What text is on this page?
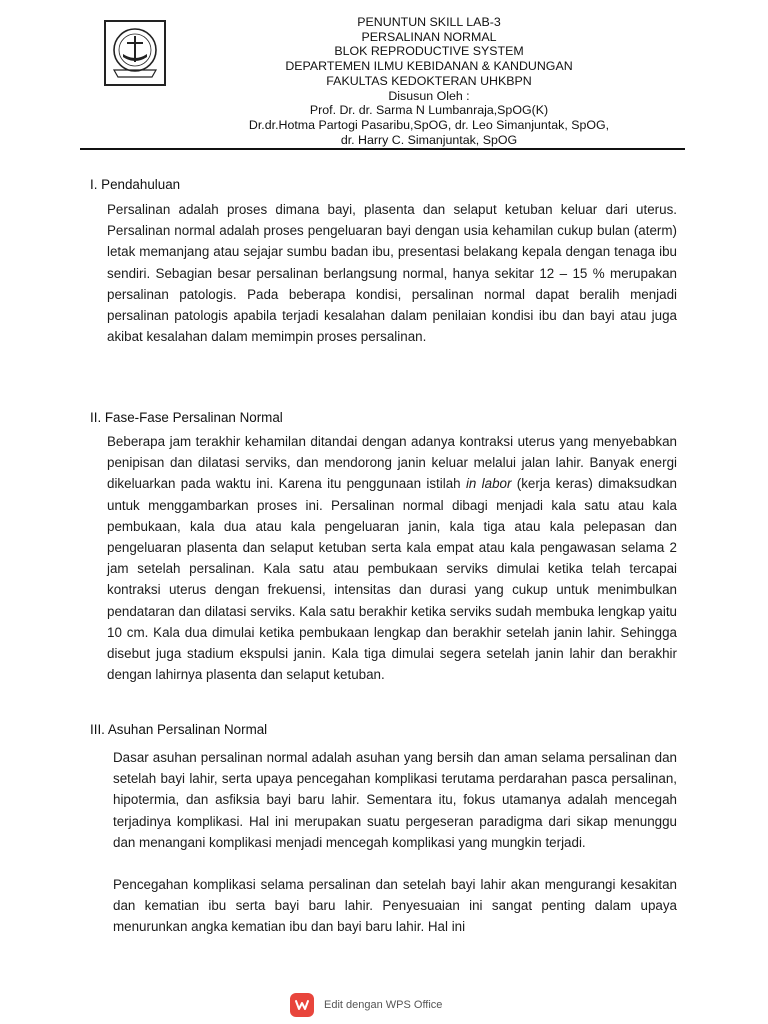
PENUNTUN SKILL LAB-3
PERSALINAN NORMAL
BLOK REPRODUCTIVE SYSTEM
DEPARTEMEN ILMU KEBIDANAN & KANDUNGAN
FAKULTAS KEDOKTERAN UHKBPN
Disusun Oleh :
Prof. Dr. dr. Sarma N Lumbanraja,SpOG(K)
Dr.dr.Hotma Partogi Pasaribu,SpOG, dr. Leo Simanjuntak, SpOG,
dr. Harry C. Simanjuntak, SpOG
I. Pendahuluan

Persalinan adalah proses dimana bayi, plasenta dan selaput ketuban keluar dari uterus. Persalinan normal adalah proses pengeluaran bayi dengan usia kehamilan cukup bulan (aterm) letak memanjang atau sejajar sumbu badan ibu, presentasi belakang kepala dengan tenaga ibu sendiri. Sebagian besar persalinan berlangsung normal, hanya sekitar 12 – 15 % merupakan persalinan patologis. Pada beberapa kondisi, persalinan normal dapat beralih menjadi persalinan patologis apabila terjadi kesalahan dalam penilaian kondisi ibu dan bayi atau juga akibat kesalahan dalam memimpin proses persalinan.

II. Fase-Fase Persalinan Normal

Beberapa jam terakhir kehamilan ditandai dengan adanya kontraksi uterus yang menyebabkan penipisan dan dilatasi serviks, dan mendorong janin keluar melalui jalan lahir. Banyak energi dikeluarkan pada waktu ini. Karena itu penggunaan istilah in labor (kerja keras) dimaksudkan untuk menggambarkan proses ini. Persalinan normal dibagi menjadi kala satu atau kala pembukaan, kala dua atau kala pengeluaran janin, kala tiga atau kala pelepasan dan pengeluaran plasenta dan selaput ketuban serta kala empat atau kala pengawasan selama 2 jam setelah persalinan. Kala satu atau pembukaan serviks dimulai ketika telah tercapai kontraksi uterus dengan frekuensi, intensitas dan durasi yang cukup untuk menimbulkan pendataran dan dilatasi serviks. Kala satu berakhir ketika serviks sudah membuka lengkap yaitu 10 cm. Kala dua dimulai ketika pembukaan lengkap dan berakhir setelah janin lahir. Sehingga disebut juga stadium ekspulsi janin. Kala tiga dimulai segera setelah janin lahir dan berakhir dengan lahirnya plasenta dan selaput ketuban.

III. Asuhan Persalinan Normal

Dasar asuhan persalinan normal adalah asuhan yang bersih dan aman selama persalinan dan setelah bayi lahir, serta upaya pencegahan komplikasi terutama perdarahan pasca persalinan, hipotermia, dan asfiksia bayi baru lahir. Sementara itu, fokus utamanya adalah mencegah terjadinya komplikasi. Hal ini merupakan suatu pergeseran paradigma dari sikap menunggu dan menangani komplikasi menjadi mencegah komplikasi yang mungkin terjadi.

Pencegahan komplikasi selama persalinan dan setelah bayi lahir akan mengurangi kesakitan dan kematian ibu serta bayi baru lahir. Penyesuaian ini sangat penting dalam upaya menurunkan angka kematian ibu dan bayi baru lahir. Hal ini

Edit dengan WPS Office
